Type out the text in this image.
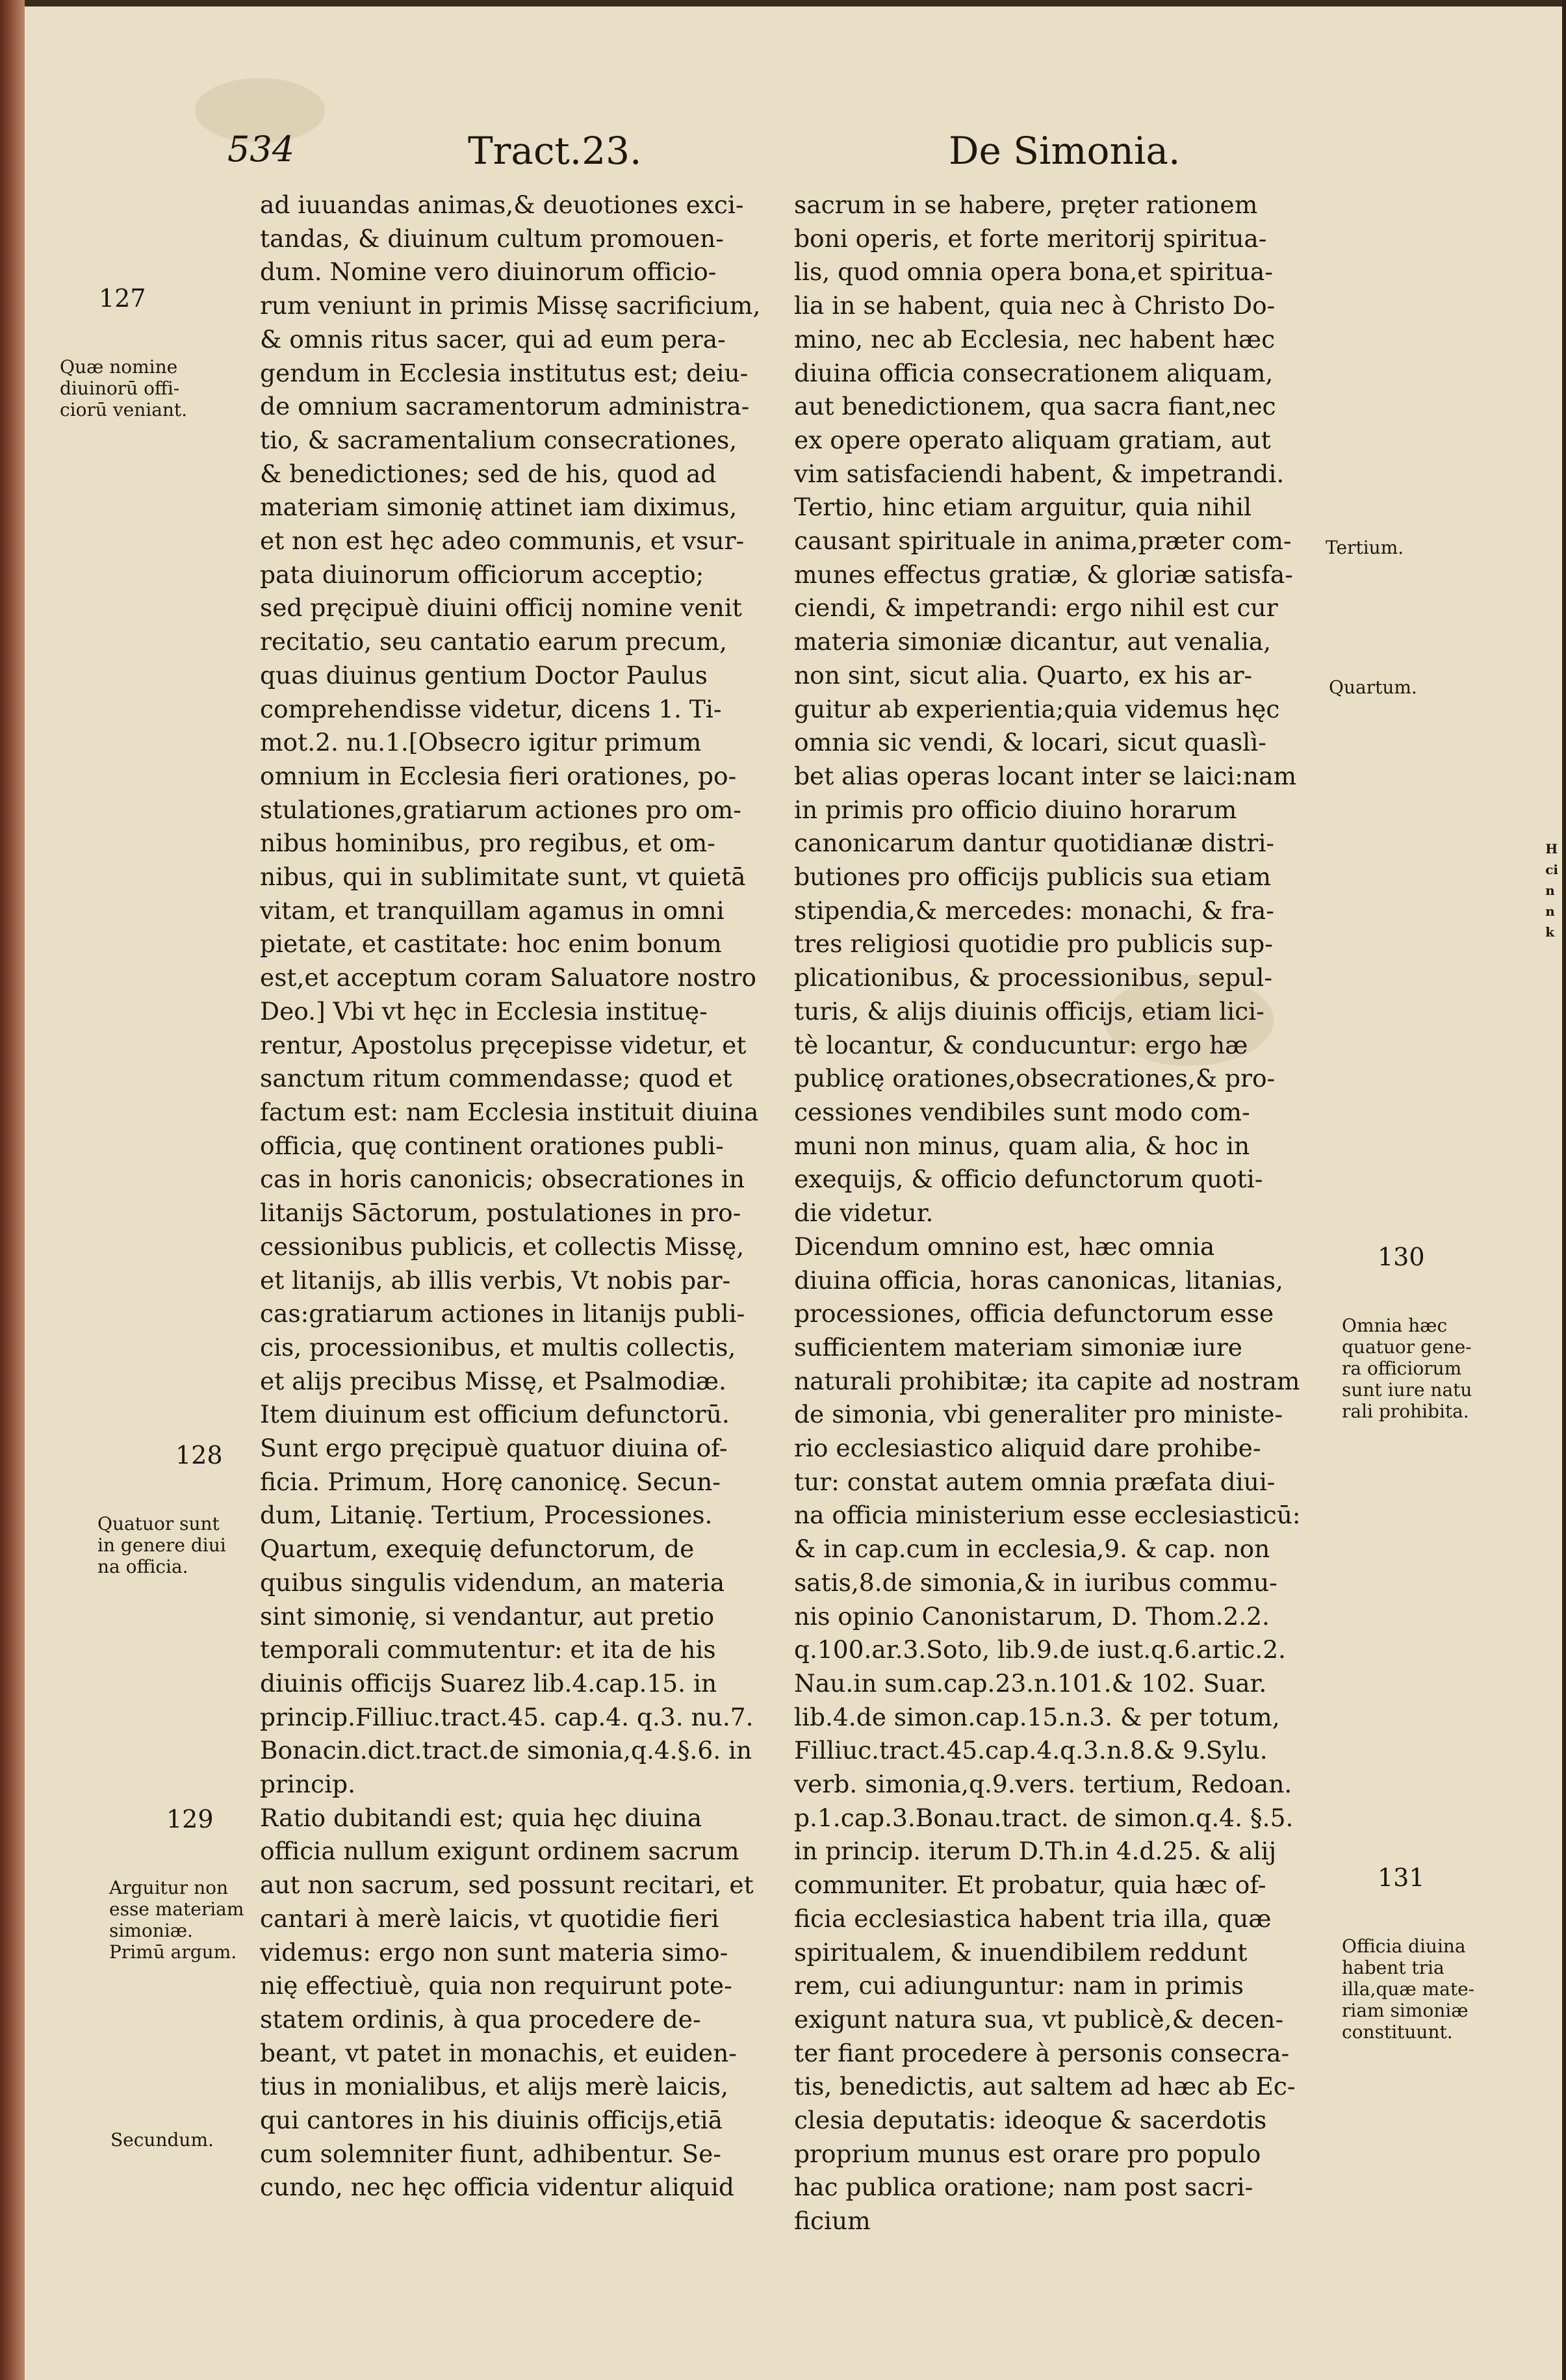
534	Tract.23.	De Simonia.
ad iuuandas animas,& deuotiones exci-
tandas, & diuinum cultum promouen-
dum. Nomine vero diuinorum officio-
rum veniunt in primis Missę sacrificium,
& omnis ritus sacer, qui ad eum pera-
gendum in Ecclesia institutus est; deiu-
de omnium sacramentorum administra-
tio, & sacramentalium consecrationes,
& benedictiones; sed de his, quod ad
materiam simonię attinet iam diximus,
et non est hęc adeo communis, et vsur-
pata diuinorum officiorum acceptio;
sed pręcipuè diuini officij nomine venit
recitatio, seu cantatio earum precum,
quas diuinus gentium Doctor Paulus
comprehendisse videtur, dicens 1. Ti-
mot.2. nu.1.[Obsecro igitur primum
omnium in Ecclesia fieri orationes, po-
stulationes,gratiarum actiones pro om-
nibus hominibus, pro regibus, et om-
nibus, qui in sublimitate sunt, vt quietā
vitam, et tranquillam agamus in omni
pietate, et castitate: hoc enim bonum
est,et acceptum coram Saluatore nostro
Deo.] Vbi vt hęc in Ecclesia instituę-
rentur, Apostolus pręcepisse videtur, et
sanctum ritum commendasse; quod et
factum est: nam Ecclesia instituit diuina
officia, quę continent orationes publi-
cas in horis canonicis; obsecrationes in
litanijs Sāctorum, postulationes in pro-
cessionibus publicis, et collectis Missę,
et litanijs, ab illis verbis, Vt nobis par-
cas:gratiarum actiones in litanijs publi-
cis, processionibus, et multis collectis,
et alijs precibus Missę, et Psalmodiæ.
Item diuinum est officium defunctorū.
Sunt ergo pręcipuè quatuor diuina of-
ficia. Primum, Horę canonicę. Secun-
dum, Litanię. Tertium, Processiones.
Quartum, exequię defunctorum, de
quibus singulis videndum, an materia
sint simonię, si vendantur, aut pretio
temporali commutentur: et ita de his
diuinis officijs Suarez lib.4.cap.15. in
princip.Filliuc.tract.45. cap.4. q.3. nu.7.
Bonacin.dict.tract.de simonia,q.4.§.6. in
princip.
Ratio dubitandi est; quia hęc diuina
officia nullum exigunt ordinem sacrum
aut non sacrum, sed possunt recitari, et
cantari à merè laicis, vt quotidie fieri
videmus: ergo non sunt materia simo-
nię effectiuè, quia non requirunt pote-
statem ordinis, à qua procedere de-
beant, vt patet in monachis, et euiden-
tius in monialibus, et alijs merè laicis,
qui cantores in his diuinis officijs,etiā
cum solemniter fiunt, adhibentur. Se-
cundo, nec hęc officia videntur aliquid
sacrum in se habere, pręter rationem
boni operis, et forte meritorij spiritua-
lis, quod omnia opera bona,et spiritua-
lia in se habent, quia nec à Christo Do-
mino, nec ab Ecclesia, nec habent hæc
diuina officia consecrationem aliquam,
aut benedictionem, qua sacra fiant,nec
ex opere operato aliquam gratiam, aut
vim satisfaciendi habent, & impetrandi.
Tertio, hinc etiam arguitur, quia nihil
causant spirituale in anima,præter com-
munes effectus gratiæ, & gloriæ satisfa-
ciendi, & impetrandi: ergo nihil est cur
materia simoniæ dicantur, aut venalia,
non sint, sicut alia. Quarto, ex his ar-
guitur ab experientia;quia videmus hęc
omnia sic vendi, & locari, sicut quaslì-
bet alias operas locant inter se laici:nam
in primis pro officio diuino horarum
canonicarum dantur quotidianæ distri-
butiones pro officijs publicis sua etiam
stipendia,& mercedes: monachi, & fra-
tres religiosi quotidie pro publicis sup-
plicationibus, & processionibus, sepul-
turis, & alijs diuinis officijs, etiam lici-
tè locantur, & conducuntur: ergo hæ
publicę orationes,obsecrationes,& pro-
cessiones vendibiles sunt modo com-
muni non minus, quam alia, & hoc in
exequijs, & officio defunctorum quoti-
die videtur.
Dicendum omnino est, hæc omnia
diuina officia, horas canonicas, litanias,
processiones, officia defunctorum esse
sufficientem materiam simoniæ iure
naturali prohibitæ; ita capite ad nostram
de simonia, vbi generaliter pro ministe-
rio ecclesiastico aliquid dare prohibe-
tur: constat autem omnia præfata diui-
na officia ministerium esse ecclesiasticū:
& in cap.cum in ecclesia,9. & cap. non
satis,8.de simonia,& in iuribus commu-
nis opinio Canonistarum, D. Thom.2.2.
q.100.ar.3.Soto, lib.9.de iust.q.6.artic.2.
Nau.in sum.cap.23.n.101.& 102. Suar.
lib.4.de simon.cap.15.n.3. & per totum,
Filliuc.tract.45.cap.4.q.3.n.8.& 9.Sylu.
verb. simonia,q.9.vers. tertium, Redoan.
p.1.cap.3.Bonau.tract. de simon.q.4. §.5.
in princip. iterum D.Th.in 4.d.25. & alij
communiter. Et probatur, quia hæc of-
ficia ecclesiastica habent tria illa, quæ
spiritualem, & inuendibilem reddunt
rem, cui adiunguntur: nam in primis
exigunt natura sua, vt publicè,& decen-
ter fiant procedere à personis consecra-
tis, benedictis, aut saltem ad hæc ab Ec-
clesia deputatis: ideoque & sacerdotis
proprium munus est orare pro populo
hac publica oratione; nam post sacri-
ficium

127

Quæ nomine
diuinorū offi-
ciorū veniant.

128

Quatuor sunt
in genere diui
na officia.

129

Arguitur non
esse materiam
simoniæ.
Primū argum.

Secundum.

Tertium.

Quartum.

130

Omnia hæc
quatuor gene-
ra officiorum
sunt iure natu
rali prohibita.

131

Officia diuina
habent tria
illa,quæ mate-
riam simoniæ
constituunt.

H
ci
n
n
k
